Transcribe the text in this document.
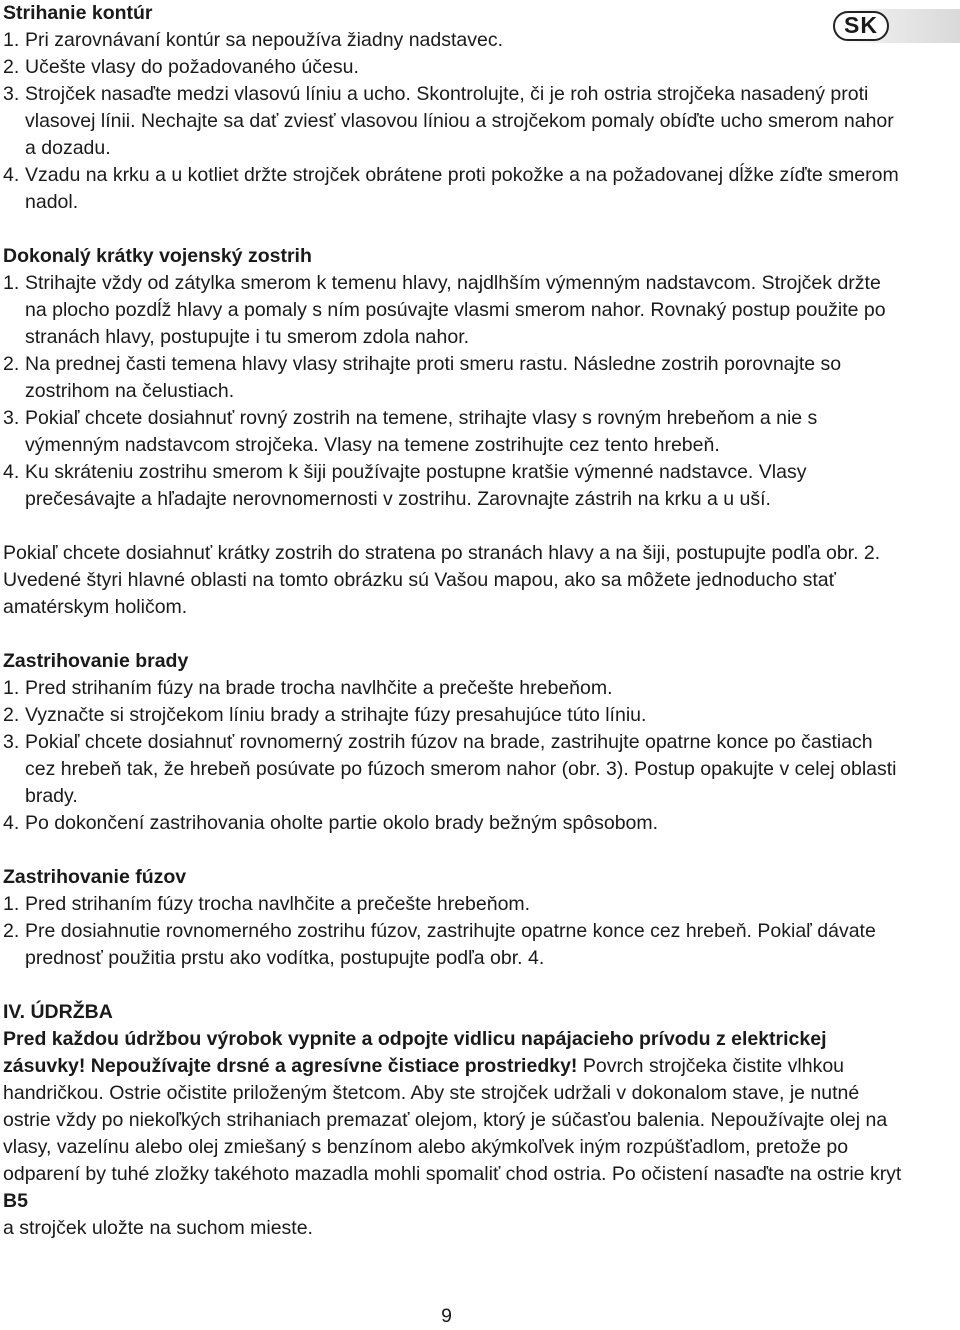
SK
Strihanie kontúr
1. Pri zarovnávaní kontúr sa nepoužíva žiadny nadstavec.
2. Učešte vlasy do požadovaného účesu.
3. Strojček nasaďte medzi vlasovú líniu a ucho. Skontrolujte, či je roh ostria strojčeka nasadený proti vlasovej línii. Nechajte sa dať zviesť vlasovou líniou a strojčekom pomaly obíďte ucho smerom nahor a dozadu.
4. Vzadu na krku a u kotliet držte strojček obrátene proti pokožke a na požadovanej dĺžke zíďte smerom nadol.
Dokonalý krátky vojenský zostrih
1. Strihajte vždy od zátylka smerom k temenu hlavy, najdlhším výmenným nadstavcom. Strojček držte na plocho pozdĺž hlavy a pomaly s ním posúvajte vlasmi smerom nahor. Rovnaký postup použite po stranách hlavy, postupujte i tu smerom zdola nahor.
2. Na prednej časti temena hlavy vlasy strihajte proti smeru rastu. Následne zostrih porovnajte so zostrihom na čelustiach.
3. Pokiaľ chcete dosiahnuť rovný zostrih na temene, strihajte vlasy s rovným hrebeňom a nie s výmenným nadstavcom strojčeka. Vlasy na temene zostrihujte cez tento hrebeň.
4. Ku skráteniu zostrihu smerom k šiji používajte postupne kratšie výmenné nadstavce. Vlasy prečesávajte a hľadajte nerovnomernosti v zostrihu. Zarovnajte zástrih na krku a u uší.

Pokiaľ chcete dosiahnuť krátky zostrih do stratena po stranách hlavy a na šiji, postupujte podľa obr. 2. Uvedené štyri hlavné oblasti na tomto obrázku sú Vašou mapou, ako sa môžete jednoducho stať amatérskym holičom.

Zastrihovanie brady
1. Pred strihaním fúzy na brade trocha navlhčite a prečešte hrebeňom.
2. Vyznačte si strojčekom líniu brady a strihajte fúzy presahujúce túto líniu.
3. Pokiaľ chcete dosiahnuť rovnomerný zostrih fúzov na brade, zastrihujte opatrne konce po častiach cez hrebeň tak, že hrebeň posúvate po fúzoch smerom nahor (obr. 3). Postup opakujte v celej oblasti brady.
4. Po dokončení zastrihovania oholte partie okolo brady bežným spôsobom.
Zastrihovanie fúzov
1. Pred strihaním fúzy trocha navlhčite a prečešte hrebeňom.
2. Pre dosiahnutie rovnomerného zostrihu fúzov, zastrihujte opatrne konce cez hrebeň. Pokiaľ dávate prednosť použitia prstu ako vodítka, postupujte podľa obr. 4.
IV. ÚDRŽBA

Pred každou údržbou výrobok vypnite a odpojte vidlicu napájacieho prívodu z elektrickej zásuvky! Nepoužívajte drsné a agresívne čistiace prostriedky! Povrch strojčeka čistite vlhkou handričkou. Ostrie očistite priloženým štetcom. Aby ste strojček udržali v dokonalom stave, je nutné ostrie vždy po niekoľkých strihaniach premazať olejom, ktorý je súčasťou balenia. Nepoužívajte olej na vlasy, vazelínu alebo olej zmiešaný s benzínom alebo akýmkoľvek iným rozpúšťadlom, pretože po odparení by tuhé zložky takéhoto mazadla mohli spomaliť chod ostria. Po očistení nasaďte na ostrie kryt B5
a strojček uložte na suchom mieste.

9
